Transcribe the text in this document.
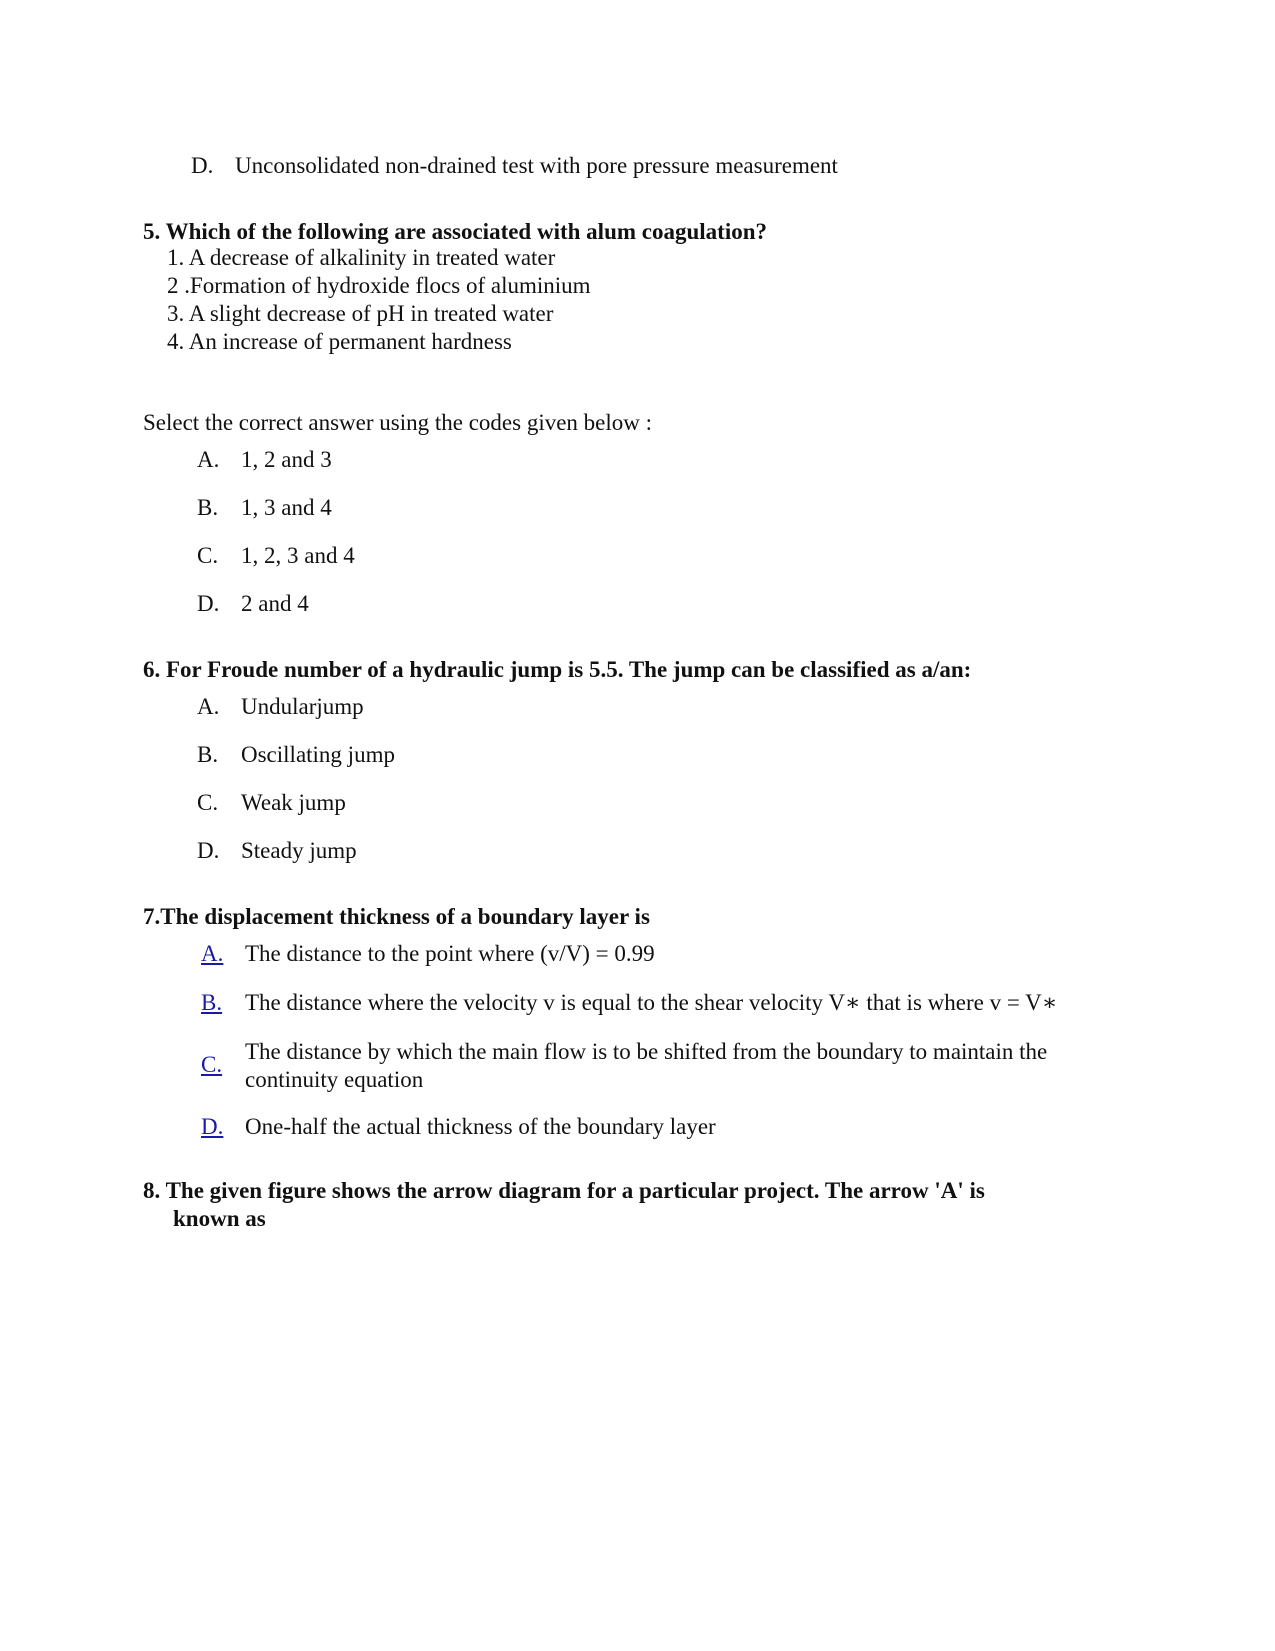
D. Unconsolidated non-drained test with pore pressure measurement
5. Which of the following are associated with alum coagulation?
1. A decrease of alkalinity in treated water
2 .Formation of hydroxide flocs of aluminium
3. A slight decrease of pH in treated water
4. An increase of permanent hardness
Select the correct answer using the codes given below :
A. 1, 2 and 3
B. 1, 3 and 4
C. 1, 2, 3 and 4
D. 2 and 4
6. For Froude number of a hydraulic jump is 5.5. The jump can be classified as a/an:
A. Undularjump
B. Oscillating jump
C. Weak jump
D. Steady jump
7.The displacement thickness of a boundary layer is
A. The distance to the point where (v/V) = 0.99
B. The distance where the velocity v is equal to the shear velocity V∗ that is where v = V∗
C.
The distance by which the main flow is to be shifted from the boundary to maintain the continuity equation
D. One-half the actual thickness of the boundary layer
8. The given figure shows the arrow diagram for a particular project. The arrow 'A' is
known as
